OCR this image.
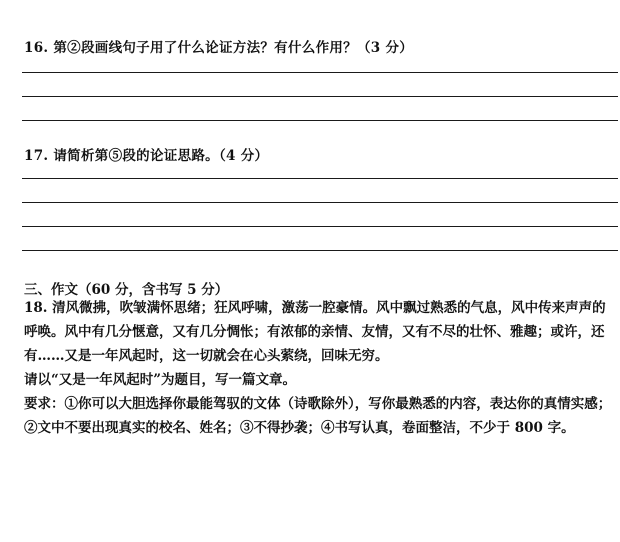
16. 第②段画线句子用了什么论证方法？有什么作用？（3 分）
17. 请简析第⑤段的论证思路。（4 分）
三、作文（60 分，含书写 5 分）

18. 清风微拂，吹皱满怀思绪；狂风呼啸，激荡一腔豪情。风中飘过熟悉的气息，风中传来声声的呼唤。风中有几分惬意，又有几分惆怅；有浓郁的亲情、友情，又有不尽的壮怀、雅趣；或许，还有……又是一年风起时，这一切就会在心头萦绕，回味无穷。

请以“又是一年风起时”为题目，写一篇文章。

要求：①你可以大胆选择你最能驾驭的文体（诗歌除外），写你最熟悉的内容，表达你的真情实感；②文中不要出现真实的校名、姓名；③不得抄袭；④书写认真，卷面整洁，不少于 800 字。
